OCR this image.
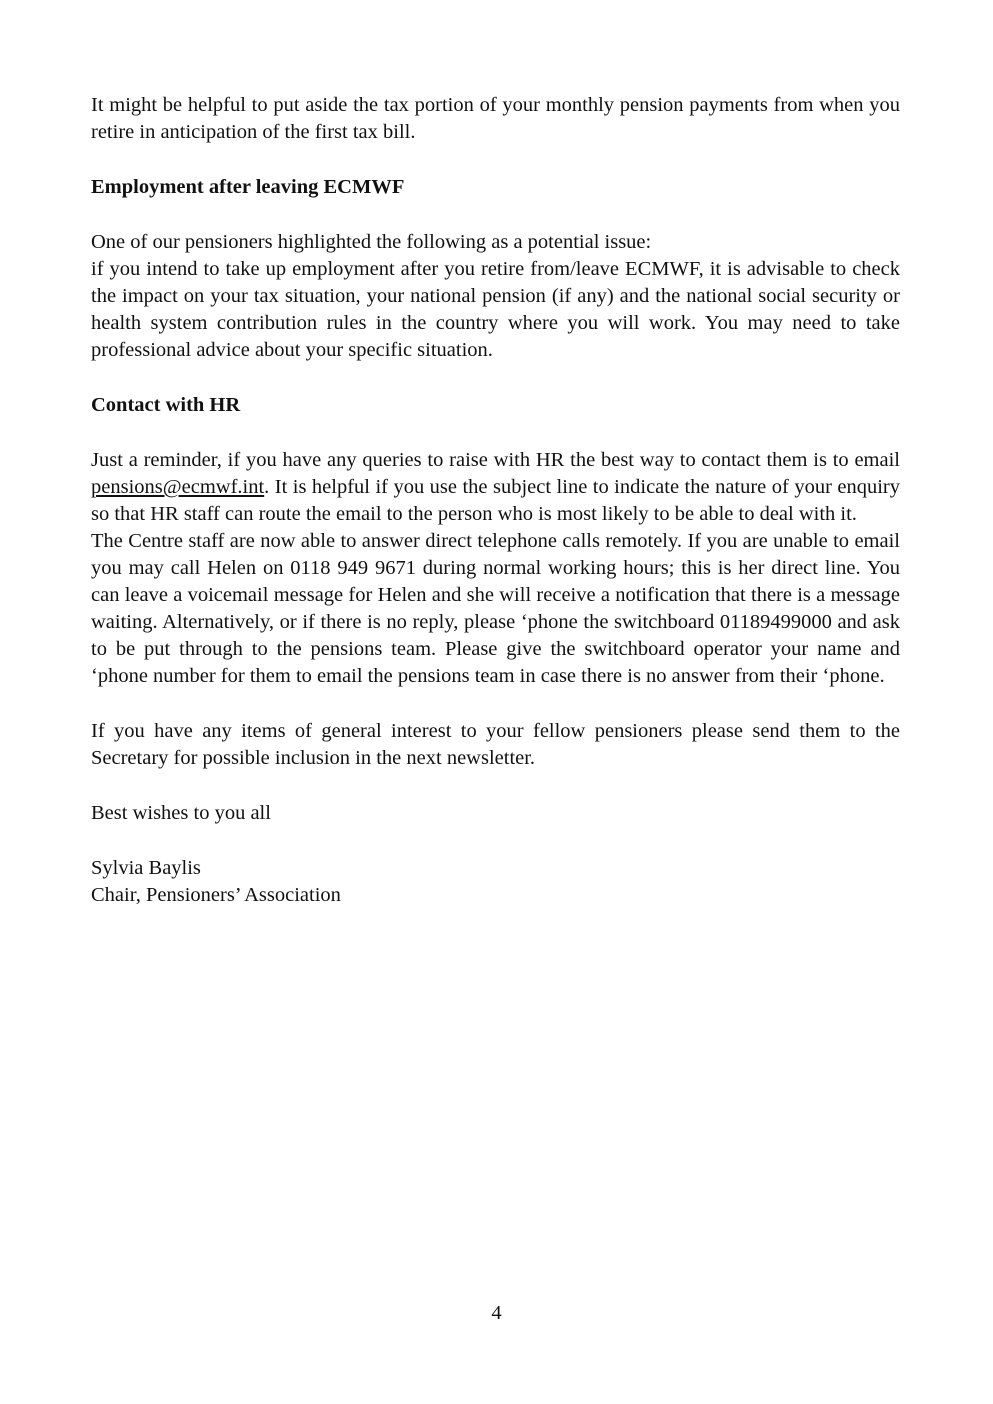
It might be helpful to put aside the tax portion of your monthly pension payments from when you retire in anticipation of the first tax bill.

Employment after leaving ECMWF

One of our pensioners highlighted the following as a potential issue:

if you intend to take up employment after you retire from/leave ECMWF, it is advisable to check the impact on your tax situation, your national pension (if any) and the national social security or health system contribution rules in the country where you will work. You may need to take professional advice about your specific situation.

Contact with HR

Just a reminder, if you have any queries to raise with HR the best way to contact them is to email pensions@ecmwf.int. It is helpful if you use the subject line to indicate the nature of your enquiry so that HR staff can route the email to the person who is most likely to be able to deal with it.

The Centre staff are now able to answer direct telephone calls remotely. If you are unable to email you may call Helen on 0118 949 9671 during normal working hours; this is her direct line. You can leave a voicemail message for Helen and she will receive a notification that there is a message waiting. Alternatively, or if there is no reply, please ‘phone the switchboard 01189499000 and ask to be put through to the pensions team. Please give the switchboard operator your name and ‘phone number for them to email the pensions team in case there is no answer from their ‘phone.

If you have any items of general interest to your fellow pensioners please send them to the Secretary for possible inclusion in the next newsletter.

Best wishes to you all

Sylvia Baylis

Chair, Pensioners’ Association

4
